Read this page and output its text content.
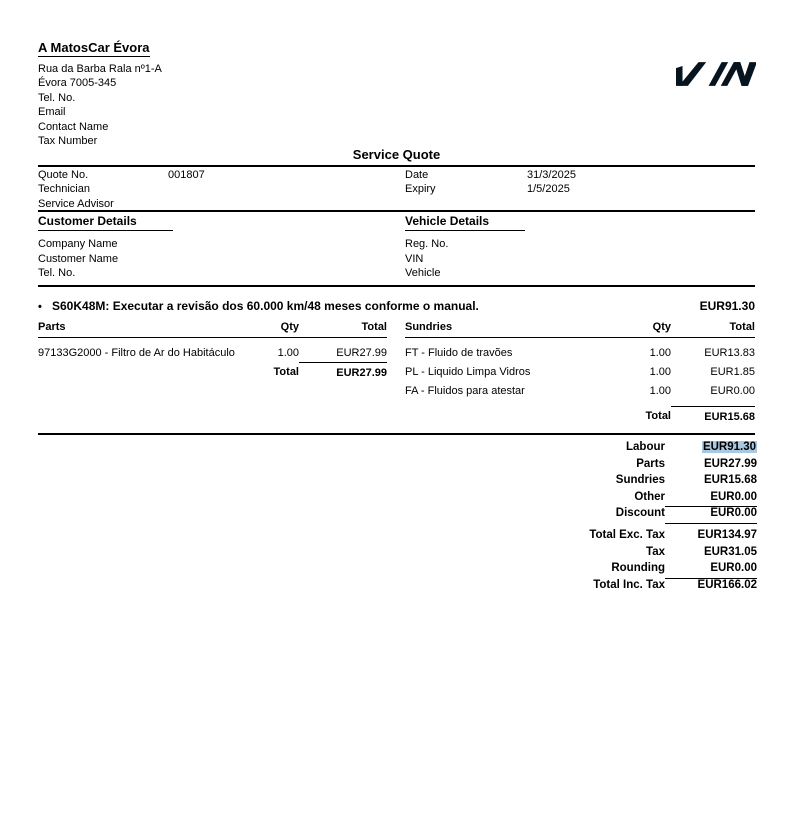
A MatosCar Évora
Rua da Barba Rala nº1-A
Évora 7005-345
Tel. No.
Email
Contact Name
Tax Number
Service Quote
Quote No.	001807	Date	31/3/2025
Technician	Expiry	1/5/2025
Service Advisor
Customer Details
Company Name
Customer Name
Tel. No.
Vehicle Details
Reg. No.
VIN
Vehicle
• S60K48M: Executar a revisão dos 60.000 km/48 meses conforme o manual.	EUR91.30
Parts	Qty	Total
97133G2000 - Filtro de Ar do Habitáculo	1.00	EUR27.99
Total	EUR27.99
Sundries	Qty	Total
FT - Fluido de travões	1.00	EUR13.83
PL - Liquido Limpa Vidros	1.00	EUR1.85
FA - Fluidos para atestar	1.00	EUR0.00
Total	EUR15.68
Labour	EUR91.30
Parts	EUR27.99
Sundries	EUR15.68
Other	EUR0.00
Discount	EUR0.00
Total Exc. Tax	EUR134.97
Tax	EUR31.05
Rounding	EUR0.00
Total Inc. Tax	EUR166.02
